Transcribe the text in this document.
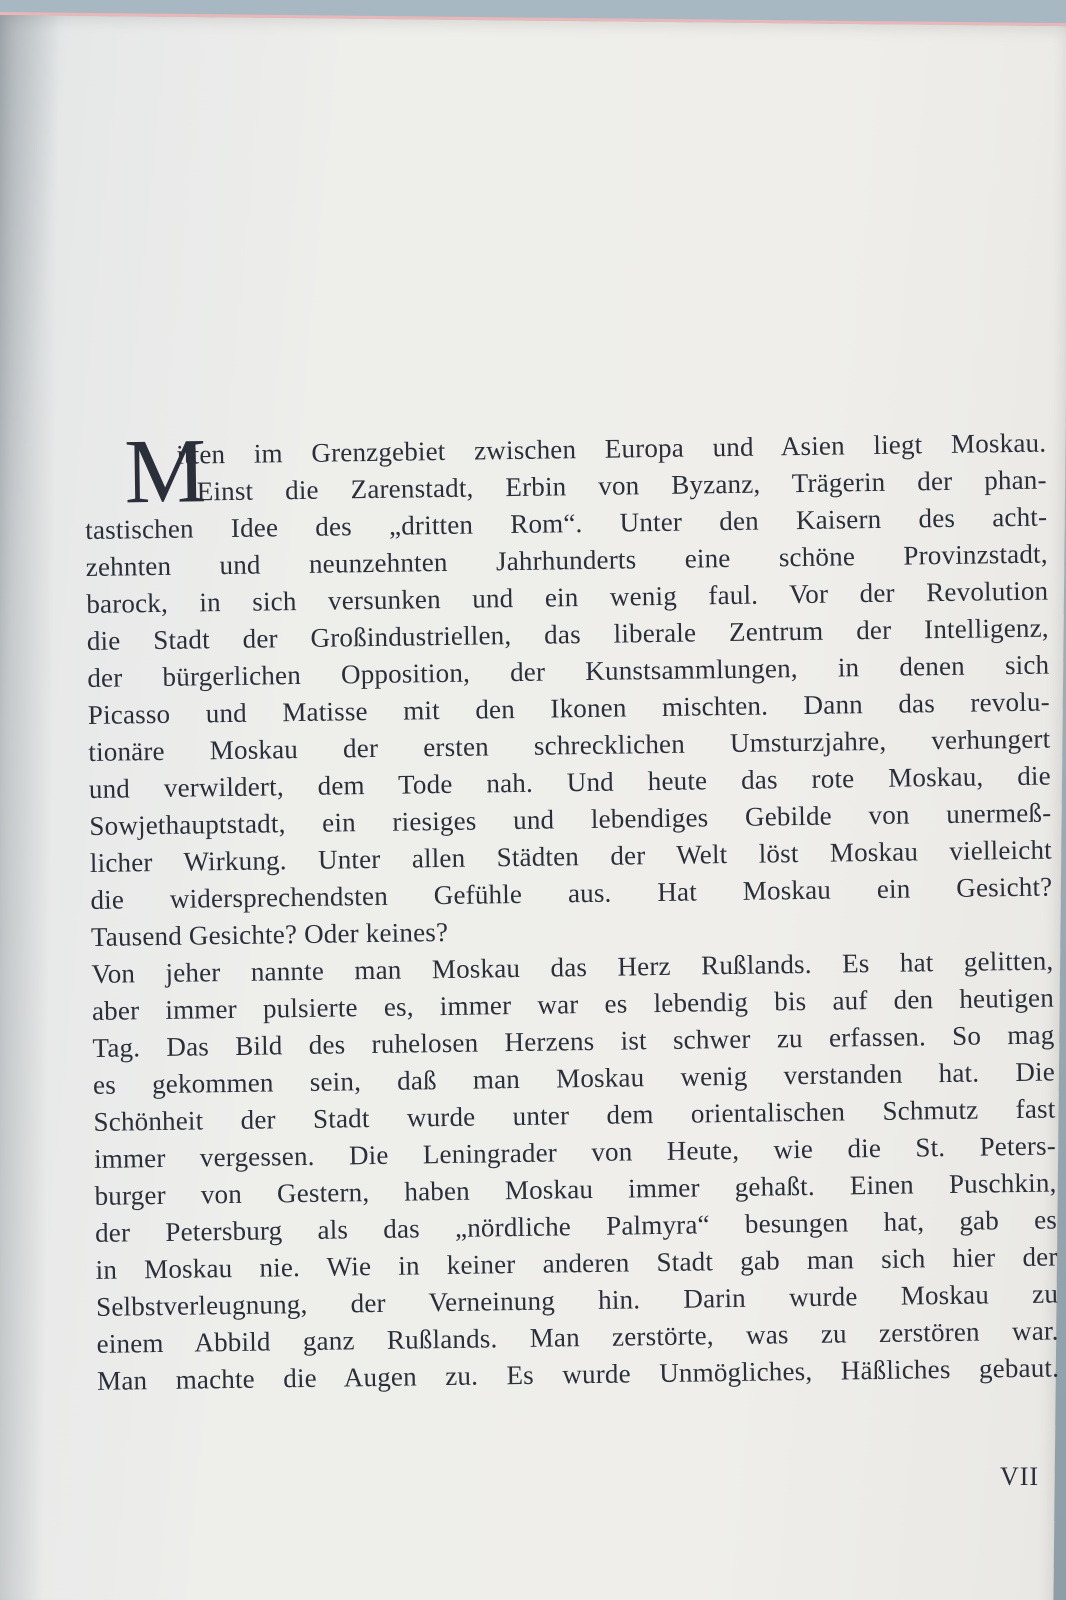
M
itten im Grenzgebiet zwischen Europa und Asien liegt Moskau.
Einst die Zarenstadt, Erbin von Byzanz, Trägerin der phan-
tastischen Idee des „dritten Rom“. Unter den Kaisern des acht-
zehnten und neunzehnten Jahrhunderts eine schöne Provinzstadt,
barock, in sich versunken und ein wenig faul. Vor der Revolution
die Stadt der Großindustriellen, das liberale Zentrum der Intelligenz,
der bürgerlichen Opposition, der Kunstsammlungen, in denen sich
Picasso und Matisse mit den Ikonen mischten. Dann das revolu-
tionäre Moskau der ersten schrecklichen Umsturzjahre, verhungert
und verwildert, dem Tode nah. Und heute das rote Moskau, die
Sowjethauptstadt, ein riesiges und lebendiges Gebilde von unermeß-
licher Wirkung. Unter allen Städten der Welt löst Moskau vielleicht
die widersprechendsten Gefühle aus. Hat Moskau ein Gesicht?
Tausend Gesichte? Oder keines?
Von jeher nannte man Moskau das Herz Rußlands. Es hat gelitten,
aber immer pulsierte es, immer war es lebendig bis auf den heutigen
Tag. Das Bild des ruhelosen Herzens ist schwer zu erfassen. So mag
es gekommen sein, daß man Moskau wenig verstanden hat. Die
Schönheit der Stadt wurde unter dem orientalischen Schmutz fast
immer vergessen. Die Leningrader von Heute, wie die St. Peters-
burger von Gestern, haben Moskau immer gehaßt. Einen Puschkin,
der Petersburg als das „nördliche Palmyra“ besungen hat, gab es
in Moskau nie. Wie in keiner anderen Stadt gab man sich hier der
Selbstverleugnung, der Verneinung hin. Darin wurde Moskau zu
einem Abbild ganz Rußlands. Man zerstörte, was zu zerstören war.
Man machte die Augen zu. Es wurde Unmögliches, Häßliches gebaut.
VII
